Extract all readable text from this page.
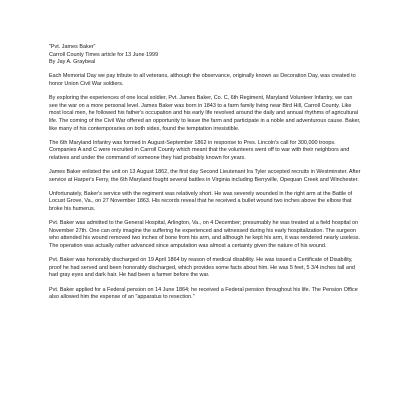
"Pvt. James Baker"
Carroll County Times article for 13 June 1999
By Jay A. Graybeal

Each Memorial Day we pay tribute to all veterans, although the observance, originally known as Decoration Day, was created to honor Union Civil War soldiers.

By exploring the experiences of one local soldier, Pvt. James Baker, Co. C, 6th Regiment, Maryland Volunteer Infantry, we can see the war on a more personal level. James Baker was born in 1843 to a farm family living near Bird Hill, Carroll County. Like most local men, he followed his father's occupation and his early life revolved around the daily and annual rhythms of agricultural life. The coming of the Civil War offered an opportunity to leave the farm and participate in a noble and adventurous cause. Baker, like many of his contemporaries on both sides, found the temptation irresistible.

The 6th Maryland Infantry was formed in August-September 1862 in response to Pres. Lincoln's call for 300,000 troops. Companies A and C were recruited in Carroll County which meant that the volunteers went off to war with their neighbors and relatives and under the command of someone they had probably known for years.

James Baker enlisted the unit on 13 August 1862, the first day Second Lieutenant Ira Tyler accepted recruits in Westminster. After service at Harper's Ferry, the 6th Maryland fought several battles in Virginia including Berryville, Opequan Creek and Winchester.

Unfortunately, Baker's service with the regiment was relatively short. He was severely wounded in the right arm at the Battle of Locust Grove, Va., on 27 November 1863. His records reveal that he received a bullet wound two inches above the elbow that broke his humerus.

Pvt. Baker was admitted to the General Hospital, Arlington, Va., on 4 December; presumably he was treated at a field hospital on November 27th. One can only imagine the suffering he experienced and witnessed during his early hospitalization. The surgeon who attended his wound removed two inches of bone from his arm, and although he kept his arm, it was rendered nearly useless. The operation was actually rather advanced since amputation was almost a certainty given the nature of his wound.

Pvt. Baker was honorably discharged on 19 April 1864 by reason of medical disability. He was issued a Certificate of Disability, proof he had served and been honorably discharged, which provides some facts about him. He was 5 feet, 5 3/4 inches tall and had gray eyes and dark hair. He had been a farmer before the war.

Pvt. Baker applied for a Federal pension on 14 June 1864; he received a Federal pension throughout his life. The Pension Office also allowed him the expense of an "apparatus to resection."
